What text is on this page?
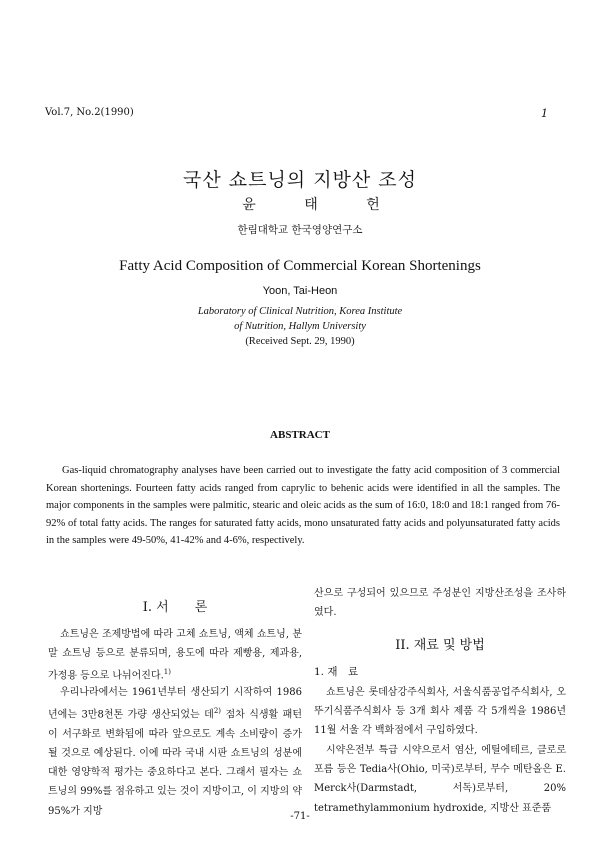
Vol.7, No.2(1990)	1
국산 쇼트닝의 지방산 조성
윤 태 헌
한림대학교 한국영양연구소
Fatty Acid Composition of Commercial Korean Shortenings
Yoon, Tai-Heon
Laboratory of Clinical Nutrition, Korea Institute
of Nutrition, Hallym University
(Received Sept. 29, 1990)
ABSTRACT

Gas-liquid chromatography analyses have been carried out to investigate the fatty acid composition of 3 commercial Korean shortenings. Fourteen fatty acids ranged from caprylic to behenic acids were identified in all the samples. The major components in the samples were palmitic, stearic and oleic acids as the sum of 16:0, 18:0 and 18:1 ranged from 76-92% of total fatty acids. The ranges for saturated fatty acids, mono unsaturated fatty acids and polyunsaturated fatty acids in the samples were 49-50%, 41-42% and 4-6%, respectively.

I. 서　　론

쇼트닝은 조제방법에 따라 고체 쇼트닝, 액체 쇼트닝, 분말 쇼트닝 등으로 분류되며, 용도에 따라 제빵용, 제과용, 가정용 등으로 나뉘어진다.$^{1)}$

우리나라에서는 1961년부터 생산되기 시작하여 1986년에는 3만8천톤 가량 생산되었는 데$^{2)}$ 점차 식생활 패턴이 서구화로 변화됨에 따라 앞으로도 계속 소비량이 증가될 것으로 예상된다. 이에 따라 국내 시판 쇼트닝의 성분에 대한 영양학적 평가는 중요하다고 본다. 그래서 필자는 쇼트닝의 99%를 점유하고 있는 것이 지방이고, 이 지방의 약 95%가 지방

산으로 구성되어 있으므로 주성분인 지방산조성을 조사하였다.

II. 재료 및 방법
1. 재　료

쇼트닝은 롯데삼강주식회사, 서울식품공업주식회사, 오뚜기식품주식회사 등 3개 회사 제품 각 5개씩을 1986년 11월 서울 각 백화점에서 구입하였다.

시약은전부 특급 시약으로서 염산, 에틸에테르, 클로로포름 등은 Tedia사(Ohio, 미국)로부터, 무수 메탄올은 E. Merck사(Darmstadt, 서독)로부터, 20% tetramethylammonium hydroxide, 지방산 표준품

-71-
